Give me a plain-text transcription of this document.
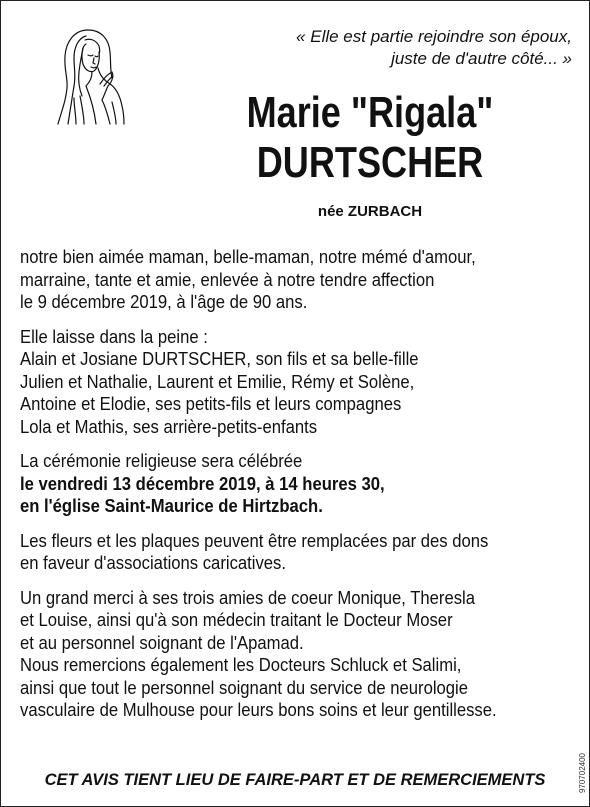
« Elle est partie rejoindre son époux,
juste de d'autre côté... »
Marie "Rigala"
DURTSCHER
née ZURBACH
notre bien aimée maman, belle-maman, notre mémé d'amour,
marraine, tante et amie, enlevée à notre tendre affection
le 9 décembre 2019, à l'âge de 90 ans.
Elle laisse dans la peine :
Alain et Josiane DURTSCHER, son fils et sa belle-fille
Julien et Nathalie, Laurent et Emilie, Rémy et Solène,
Antoine et Elodie, ses petits-fils et leurs compagnes
Lola et Mathis, ses arrière-petits-enfants
La cérémonie religieuse sera célébrée
le vendredi 13 décembre 2019, à 14 heures 30,
en l'église Saint-Maurice de Hirtzbach.
Les fleurs et les plaques peuvent être remplacées par des dons
en faveur d'associations caricatives.
Un grand merci à ses trois amies de coeur Monique, Theresla
et Louise, ainsi qu'à son médecin traitant le Docteur Moser
et au personnel soignant de l'Apamad.
Nous remercions également les Docteurs Schluck et Salimi,
ainsi que tout le personnel soignant du service de neurologie
vasculaire de Mulhouse pour leurs bons soins et leur gentillesse.
CET AVIS TIENT LIEU DE FAIRE-PART ET DE REMERCIEMENTS	970702400
